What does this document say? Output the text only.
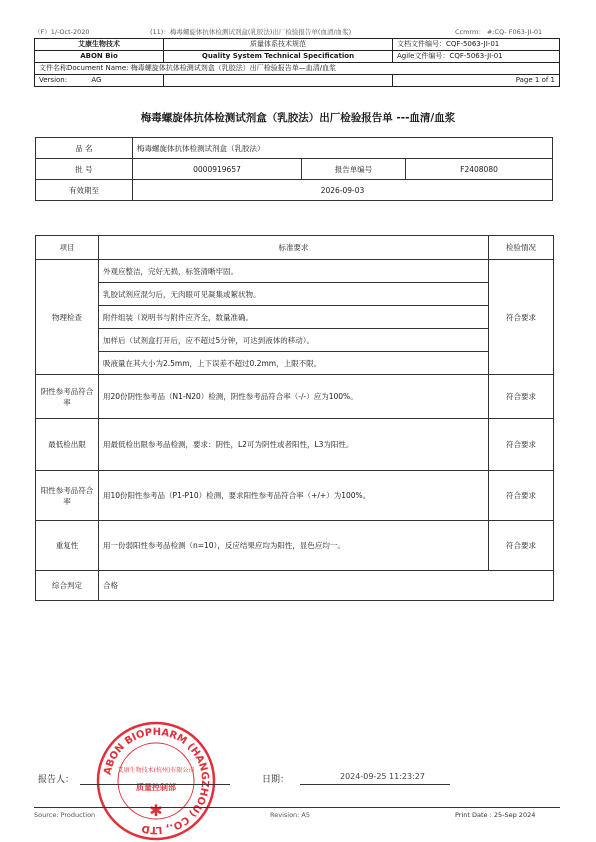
（F）1/-Oct-2020	(11)：梅毒螺旋体抗体检测试剂盒(乳胶法)出厂检验报告单(血清/血浆)	Ccmrm： #:CQ- F063-JI-01
艾康生物技术	质量体系技术规范	文档文件编号：CQF-5063-JI-01
ABON Bio	Quality System Technical Specification	Agile文件编号：CQF-5063-JI-01
文件名称Document Name: 梅毒螺旋体抗体检测试剂盒（乳胶法）出厂检验报告单—血清/血浆		
Version: AG		Page 1 of 1
梅毒螺旋体抗体检测试剂盒（乳胶法）出厂检验报告单 ---血清/血浆
品 名	梅毒螺旋体抗体检测试剂盒（乳胶法）		
批 号	0000919657	报告单编号	F2408080
有效期至	2026-09-03		
项目	标准要求	检验情况
物理检查	外观应整洁，完好无损，标签清晰牢固。	符合要求
	乳胶试剂应混匀后，无肉眼可见凝集或絮状物。	
	附件组装（说明书与附件应齐全，数量准确。	
	加样后（试剂盒打开后，应不超过5分钟，可达到液体的移动）。	
	吸液量在其大小为2.5mm，上下误差不超过0.2mm，上限不限。	
阴性参考品符合率	用20份阴性参考品（N1-N20）检测，阴性参考品符合率（-/-）应为100%。	符合要求
最低检出限	用最低检出限参考品检测，要求：阴性，L2可为阴性或者阳性，L3为阳性。	符合要求
阳性参考品符合率	用10份阳性参考品（P1-P10）检测，要求阳性参考品符合率（+/+）为100%。	符合要求
重复性	用一份弱阳性参考品检测（n=10），反应结果应均为阳性，显色应均一。	符合要求
综合判定	合格	
ABON BIOPHARM (HANGZHOU) CO., LTD
艾康生物技术(杭州)有限公司
质量控制部
✱
报告人：	日期：	2024-09-25 11:23:27
Source: Production	Revision: A5	Print Date : 25-Sep 2024
